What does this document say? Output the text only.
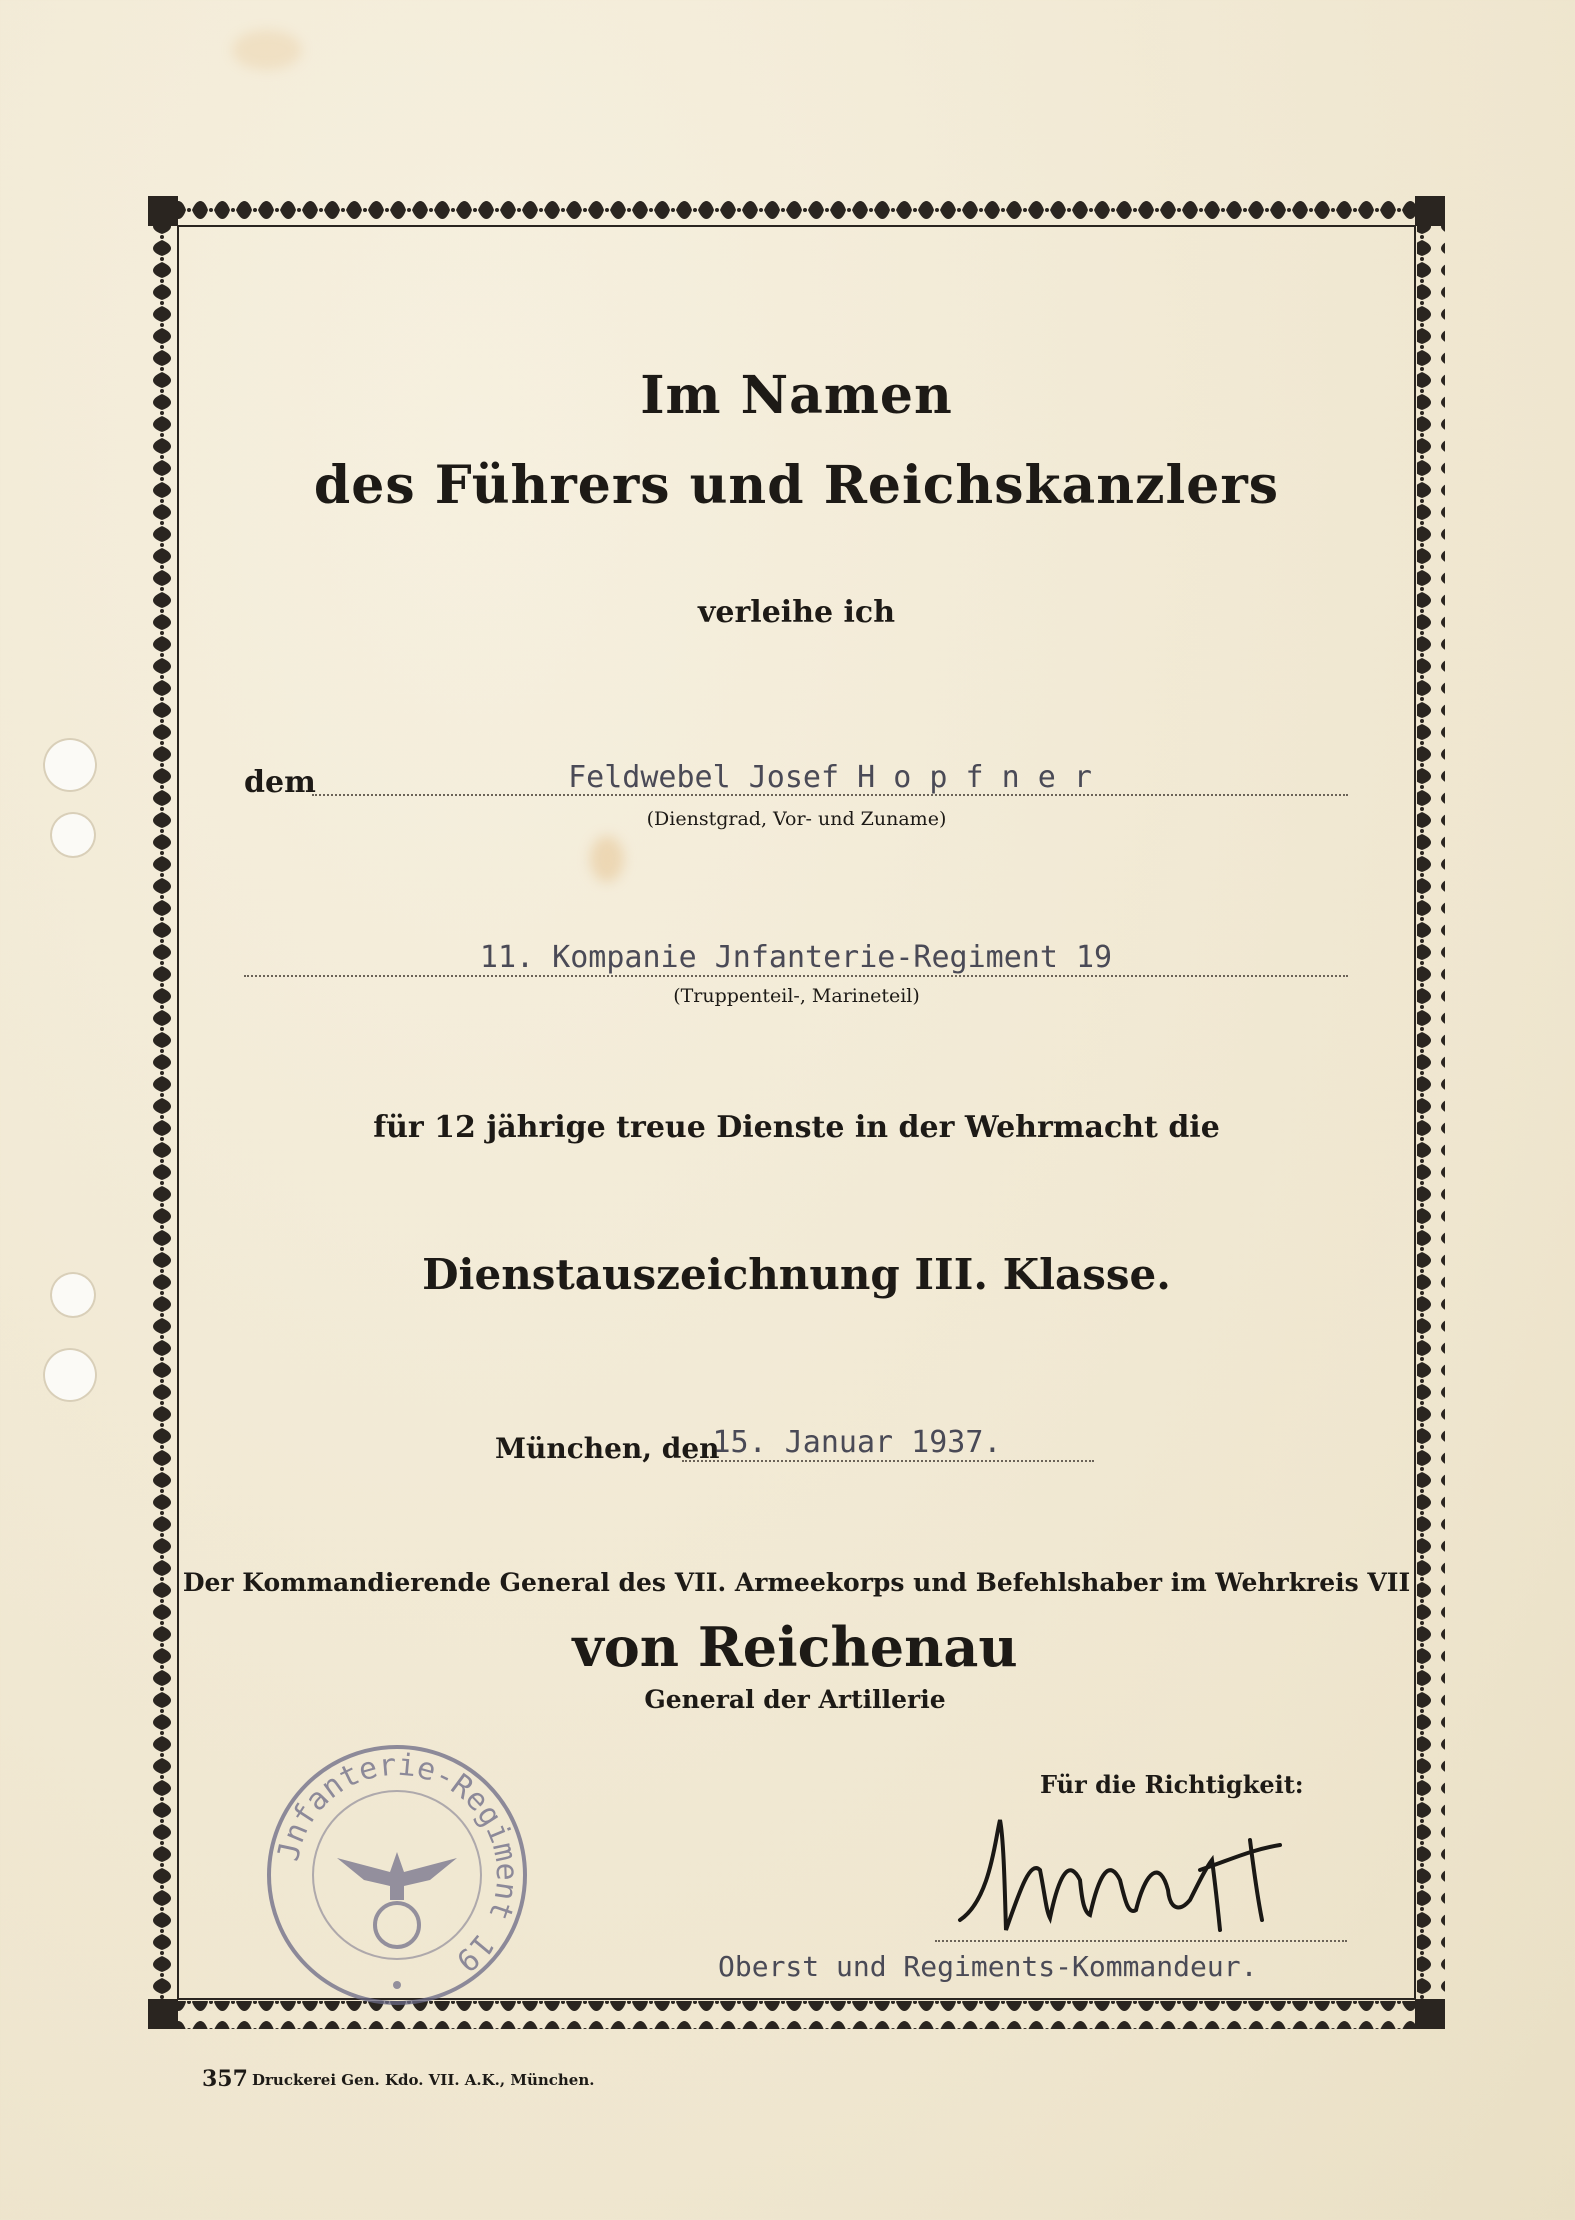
Im Namen
des Führers und Reichskanzlers
verleihe ich
dem	Feldwebel Josef H o p f n e r
(Dienstgrad, Vor- und Zuname)
11. Kompanie Jnfanterie-Regiment 19
(Truppenteil-, Marineteil)
für 12 jährige treue Dienste in der Wehrmacht die
Dienstauszeichnung III. Klasse.
München, den
15. Januar 1937.
Der Kommandierende General des VII. Armeekorps und Befehlshaber im Wehrkreis VII
von Reichenau
General der Artillerie
Jnfanterie-Regiment 19
Für die Richtigkeit:
Oberst und Regiments-Kommandeur.
357 Druckerei Gen. Kdo. VII. A.K., München.
